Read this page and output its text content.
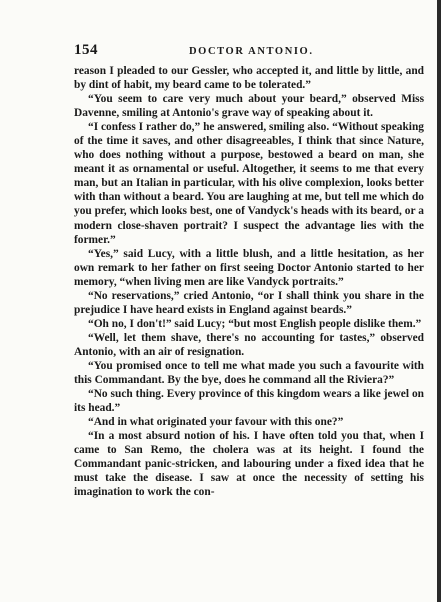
154	DOCTOR ANTONIO.

reason I pleaded to our Gessler, who accepted it, and little by little, and by dint of habit, my beard came to be tolerated.”

“You seem to care very much about your beard,” observed Miss Davenne, smiling at Antonio's grave way of speaking about it.

“I confess I rather do,” he answered, smiling also. “Without speaking of the time it saves, and other disagreeables, I think that since Nature, who does nothing without a purpose, bestowed a beard on man, she meant it as ornamental or useful. Altogether, it seems to me that every man, but an Italian in particular, with his olive complexion, looks better with than without a beard. You are laughing at me, but tell me which do you prefer, which looks best, one of Vandyck's heads with its beard, or a modern close-shaven portrait? I suspect the advantage lies with the former.”

“Yes,” said Lucy, with a little blush, and a little hesitation, as her own remark to her father on first seeing Doctor Antonio started to her memory, “when living men are like Vandyck portraits.”

“No reservations,” cried Antonio, “or I shall think you share in the prejudice I have heard exists in England against beards.”

“Oh no, I don't!” said Lucy; “but most English people dislike them.”

“Well, let them shave, there's no accounting for tastes,” observed Antonio, with an air of resignation.

“You promised once to tell me what made you such a favourite with this Commandant. By the bye, does he command all the Riviera?”

“No such thing. Every province of this kingdom wears a like jewel on its head.”

“And in what originated your favour with this one?”

“In a most absurd notion of his. I have often told you that, when I came to San Remo, the cholera was at its height. I found the Commandant panic-stricken, and labouring under a fixed idea that he must take the disease. I saw at once the necessity of setting his imagination to work the con-
